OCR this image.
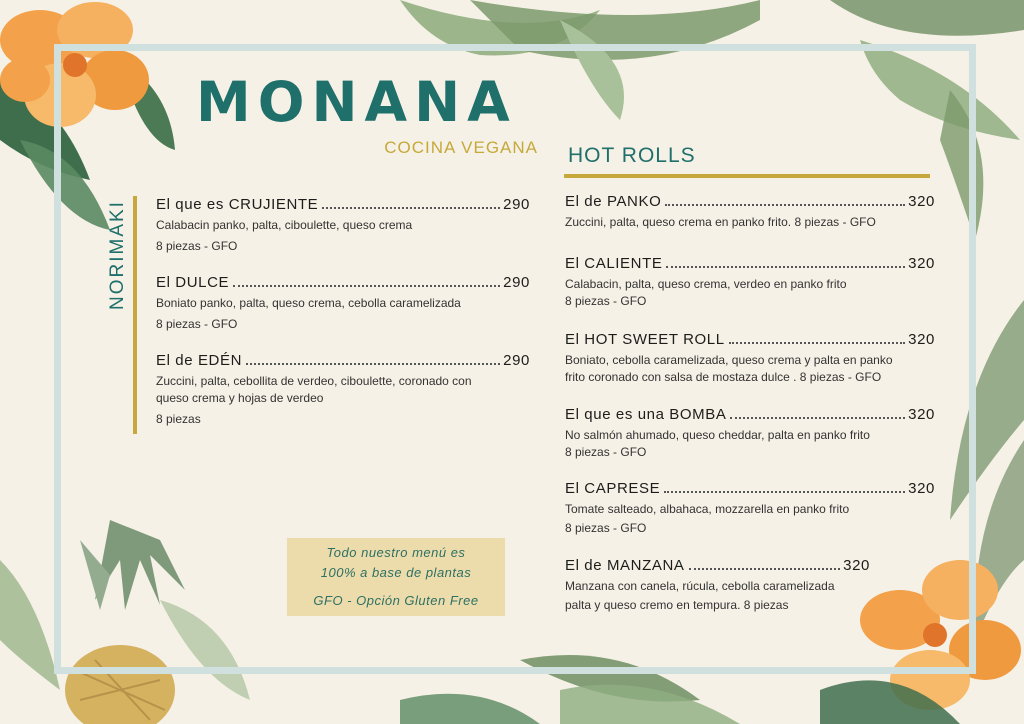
MONANA
COCINA VEGANA
NORIMAKI El que es CRUJIENTE	290
Calabacin panko, palta, ciboulette, queso crema
8 piezas - GFO
El DULCE	290
Boniato panko, palta, queso crema, cebolla caramelizada
8 piezas - GFO
El de EDÉN	290
Zuccini, palta, cebollita de verdeo, ciboulette, coronado con
queso crema y hojas de verdeo
8 piezas

Todo nuestro menú es

100% a base de plantas

GFO - Opción Gluten Free

HOT ROLLS
El de PANKO	320
Zuccini, palta, queso crema en panko frito. 8 piezas - GFO
El CALIENTE	320
Calabacin, palta, queso crema, verdeo en panko frito
8 piezas - GFO
El HOT SWEET ROLL	320
Boniato, cebolla caramelizada, queso crema y palta en panko
frito coronado con salsa de mostaza dulce . 8 piezas - GFO
El que es una BOMBA	320
No salmón ahumado, queso cheddar, palta en panko frito
8 piezas - GFO
El CAPRESE	320
Tomate salteado, albahaca, mozzarella en panko frito
8 piezas - GFO
El de MANZANA	320
Manzana con canela, rúcula, cebolla caramelizada
palta y queso cremo en tempura. 8 piezas
